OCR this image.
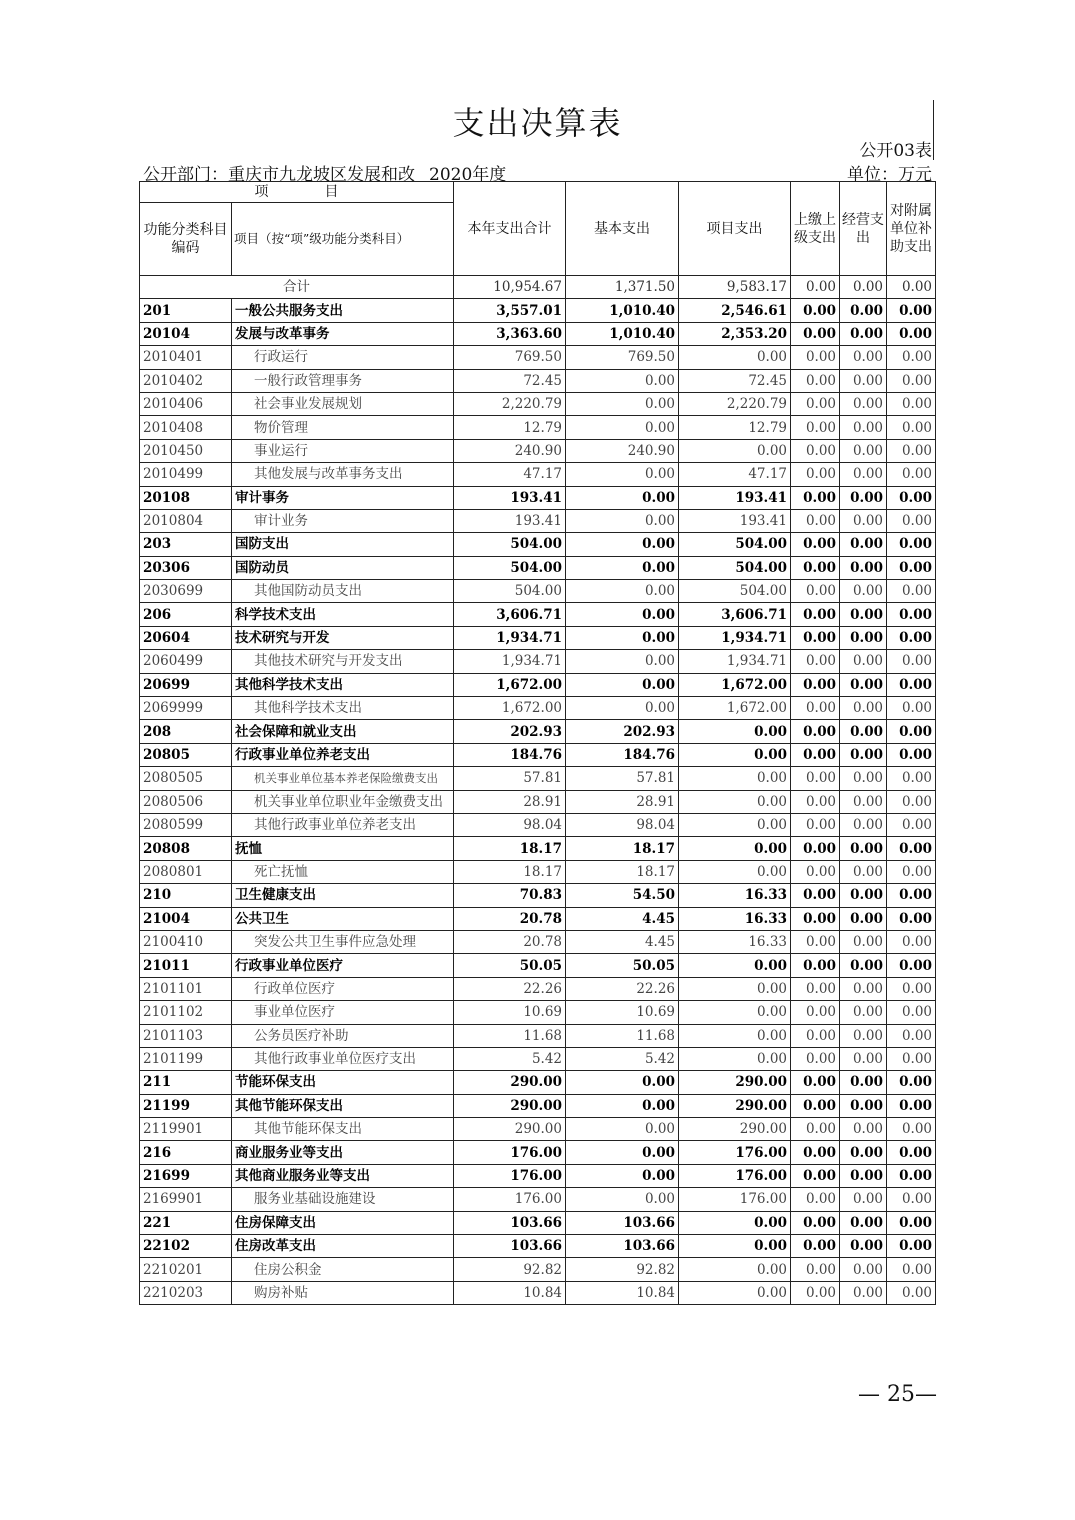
支出决算表
公开03表
公开部门：重庆市九龙坡区发展和改 2020年度	单位：万元
项　　　　目		本年支出合计	基本支出	项目支出	上缴上级支出	经营支出	对附属单位补助支出
功能分类科目编码	项目（按“项”级功能分类科目）						
合计		10,954.67	1,371.50	9,583.17	0.00	0.00	0.00
201	一般公共服务支出	3,557.01	1,010.40	2,546.61	0.00	0.00	0.00
20104	发展与改革事务	3,363.60	1,010.40	2,353.20	0.00	0.00	0.00
2010401	行政运行	769.50	769.50	0.00	0.00	0.00	0.00
2010402	一般行政管理事务	72.45	0.00	72.45	0.00	0.00	0.00
2010406	社会事业发展规划	2,220.79	0.00	2,220.79	0.00	0.00	0.00
2010408	物价管理	12.79	0.00	12.79	0.00	0.00	0.00
2010450	事业运行	240.90	240.90	0.00	0.00	0.00	0.00
2010499	其他发展与改革事务支出	47.17	0.00	47.17	0.00	0.00	0.00
20108	审计事务	193.41	0.00	193.41	0.00	0.00	0.00
2010804	审计业务	193.41	0.00	193.41	0.00	0.00	0.00
203	国防支出	504.00	0.00	504.00	0.00	0.00	0.00
20306	国防动员	504.00	0.00	504.00	0.00	0.00	0.00
2030699	其他国防动员支出	504.00	0.00	504.00	0.00	0.00	0.00
206	科学技术支出	3,606.71	0.00	3,606.71	0.00	0.00	0.00
20604	技术研究与开发	1,934.71	0.00	1,934.71	0.00	0.00	0.00
2060499	其他技术研究与开发支出	1,934.71	0.00	1,934.71	0.00	0.00	0.00
20699	其他科学技术支出	1,672.00	0.00	1,672.00	0.00	0.00	0.00
2069999	其他科学技术支出	1,672.00	0.00	1,672.00	0.00	0.00	0.00
208	社会保障和就业支出	202.93	202.93	0.00	0.00	0.00	0.00
20805	行政事业单位养老支出	184.76	184.76	0.00	0.00	0.00	0.00
2080505	机关事业单位基本养老保险缴费支出	57.81	57.81	0.00	0.00	0.00	0.00
2080506	机关事业单位职业年金缴费支出	28.91	28.91	0.00	0.00	0.00	0.00
2080599	其他行政事业单位养老支出	98.04	98.04	0.00	0.00	0.00	0.00
20808	抚恤	18.17	18.17	0.00	0.00	0.00	0.00
2080801	死亡抚恤	18.17	18.17	0.00	0.00	0.00	0.00
210	卫生健康支出	70.83	54.50	16.33	0.00	0.00	0.00
21004	公共卫生	20.78	4.45	16.33	0.00	0.00	0.00
2100410	突发公共卫生事件应急处理	20.78	4.45	16.33	0.00	0.00	0.00
21011	行政事业单位医疗	50.05	50.05	0.00	0.00	0.00	0.00
2101101	行政单位医疗	22.26	22.26	0.00	0.00	0.00	0.00
2101102	事业单位医疗	10.69	10.69	0.00	0.00	0.00	0.00
2101103	公务员医疗补助	11.68	11.68	0.00	0.00	0.00	0.00
2101199	其他行政事业单位医疗支出	5.42	5.42	0.00	0.00	0.00	0.00
211	节能环保支出	290.00	0.00	290.00	0.00	0.00	0.00
21199	其他节能环保支出	290.00	0.00	290.00	0.00	0.00	0.00
2119901	其他节能环保支出	290.00	0.00	290.00	0.00	0.00	0.00
216	商业服务业等支出	176.00	0.00	176.00	0.00	0.00	0.00
21699	其他商业服务业等支出	176.00	0.00	176.00	0.00	0.00	0.00
2169901	服务业基础设施建设	176.00	0.00	176.00	0.00	0.00	0.00
221	住房保障支出	103.66	103.66	0.00	0.00	0.00	0.00
22102	住房改革支出	103.66	103.66	0.00	0.00	0.00	0.00
2210201	住房公积金	92.82	92.82	0.00	0.00	0.00	0.00
2210203	购房补贴	10.84	10.84	0.00	0.00	0.00	0.00
— 25—
